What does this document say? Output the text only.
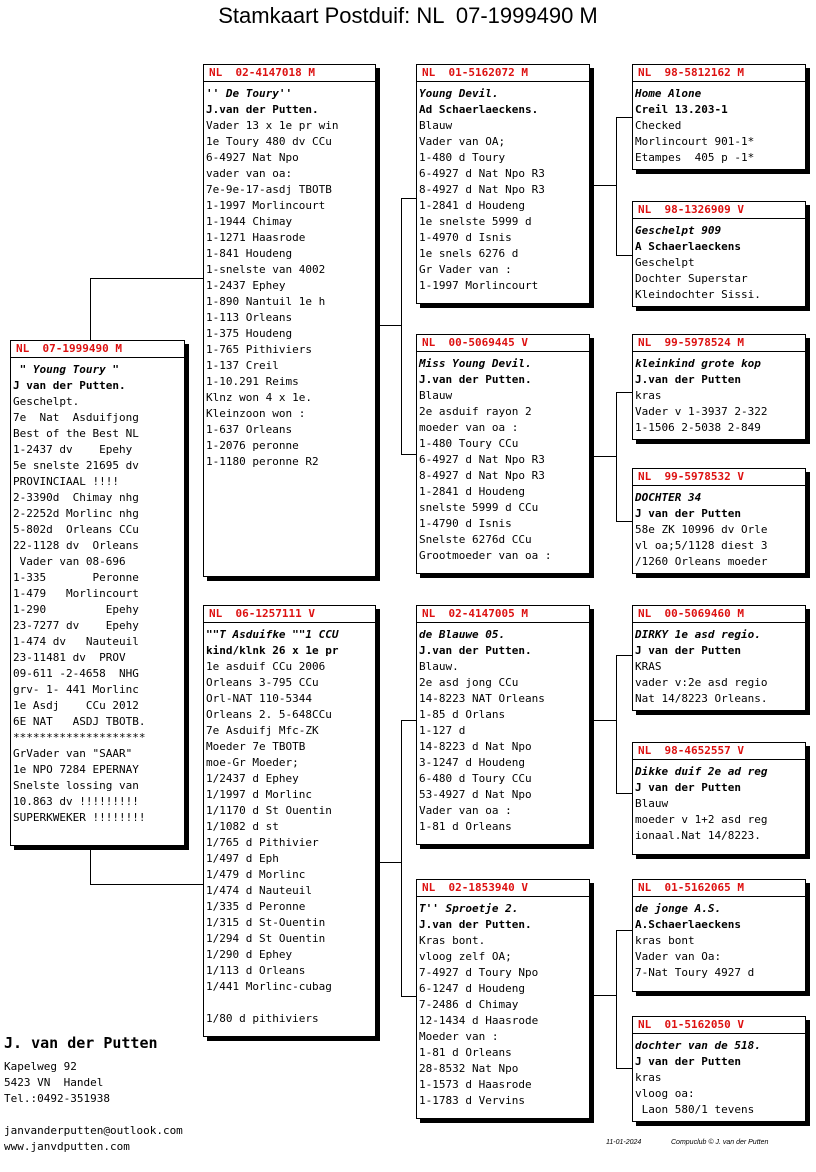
Stamkaart Postduif: NL  07-1999490 M
NL  07-1999490 M
" Young Toury "
J van der Putten.
Geschelpt.
7e  Nat  Asduifjong
Best of the Best NL
1-2437 dv    Epehy
5e snelste 21695 dv
PROVINCIAAL !!!!
2-3390d  Chimay nhg
2-2252d Morlinc nhg
5-802d  Orleans CCu
22-1128 dv  Orleans
Vader van 08-696
1-335       Peronne
1-479   Morlincourt
1-290         Epehy
23-7277 dv    Epehy
1-474 dv   Nauteuil
23-11481 dv  PROV
09-611 -2-4658  NHG
grv- 1- 441 Morlinc
1e Asdj    CCu 2012
6E NAT   ASDJ TBOTB.
********************
GrVader van "SAAR"
1e NPO 7284 EPERNAY
Snelste lossing van
10.863 dv !!!!!!!!!
SUPERKWEKER !!!!!!!!
NL  02-4147018 M
'' De Toury''
J.van der Putten.
Vader 13 x 1e pr win
1e Toury 480 dv CCu
6-4927 Nat Npo
vader van oa:
7e-9e-17-asdj TBOTB
1-1997 Morlincourt
1-1944 Chimay
1-1271 Haasrode
1-841 Houdeng
1-snelste van 4002
1-2437 Ephey
1-890 Nantuil 1e h
1-113 Orleans
1-375 Houdeng
1-765 Pithiviers
1-137 Creil
1-10.291 Reims
Klnz won 4 x 1e.
Kleinzoon won :
1-637 Orleans
1-2076 peronne
1-1180 peronne R2
NL  06-1257111 V
""T Asduifke ""1 CCU
kind/klnk 26 x 1e pr
1e asduif CCu 2006
Orleans 3-795 CCu
Orl-NAT 110-5344
Orleans 2. 5-648CCu
7e Asduifj Mfc-ZK
Moeder 7e TBOTB
moe-Gr Moeder;
1/2437 d Ephey
1/1997 d Morlinc
1/1170 d St Ouentin
1/1082 d st
1/765 d Pithivier
1/497 d Eph
1/479 d Morlinc
1/474 d Nauteuil
1/335 d Peronne
1/315 d St-Ouentin
1/294 d St Ouentin
1/290 d Ephey
1/113 d Orleans
1/441 Morlinc-cubag
1/80 d pithiviers
NL  01-5162072 M
Young Devil.
Ad Schaerlaeckens.
Blauw
Vader van OA;
1-480 d Toury
6-4927 d Nat Npo R3
8-4927 d Nat Npo R3
1-2841 d Houdeng
1e snelste 5999 d
1-4970 d Isnis
1e snels 6276 d
Gr Vader van :
1-1997 Morlincourt
NL  00-5069445 V
Miss Young Devil.
J.van der Putten.
Blauw
2e asduif rayon 2
moeder van oa :
1-480 Toury CCu
6-4927 d Nat Npo R3
8-4927 d Nat Npo R3
1-2841 d Houdeng
snelste 5999 d CCu
1-4790 d Isnis
Snelste 6276d CCu
Grootmoeder van oa :
NL  02-4147005 M
de Blauwe 05.
J.van der Putten.
Blauw.
2e asd jong CCu
14-8223 NAT Orleans
1-85 d Orlans
1-127 d
14-8223 d Nat Npo
3-1247 d Houdeng
6-480 d Toury CCu
53-4927 d Nat Npo
Vader van oa :
1-81 d Orleans
NL  02-1853940 V
T'' Sproetje 2.
J.van der Putten.
Kras bont.
vloog zelf OA;
7-4927 d Toury Npo
6-1247 d Houdeng
7-2486 d Chimay
12-1434 d Haasrode
Moeder van :
1-81 d Orleans
28-8532 Nat Npo
1-1573 d Haasrode
1-1783 d Vervins
NL  98-5812162 M
Home Alone
Creil 13.203-1
Checked
Morlincourt 901-1*
Etampes  405 p -1*
NL  98-1326909 V
Geschelpt 909
A Schaerlaeckens
Geschelpt
Dochter Superstar
Kleindochter Sissi.
NL  99-5978524 M
kleinkind grote kop
J.van der Putten
kras
Vader v 1-3937 2-322
1-1506 2-5038 2-849
NL  99-5978532 V
DOCHTER 34
J van der Putten
58e ZK 10996 dv Orle
vl oa;5/1128 diest 3
/1260 Orleans moeder
NL  00-5069460 M
DIRKY 1e asd regio.
J van der Putten
KRAS
vader v:2e asd regio
Nat 14/8223 Orleans.
NL  98-4652557 V
Dikke duif 2e ad reg
J van der Putten
Blauw
moeder v 1+2 asd reg
ionaal.Nat 14/8223.
NL  01-5162065 M
de jonge A.S.
A.Schaerlaeckens
kras bont
Vader van Oa:
7-Nat Toury 4927 d
NL  01-5162050 V
dochter van de 518.
J van der Putten
kras
vloog oa:
Laon 580/1 tevens
J. van der Putten
Kapelweg 92
5423 VN  Handel
Tel.:0492-351938
janvanderputten@outlook.com
www.janvdputten.com	11-01-2024	Compuclub © J. van der Putten
